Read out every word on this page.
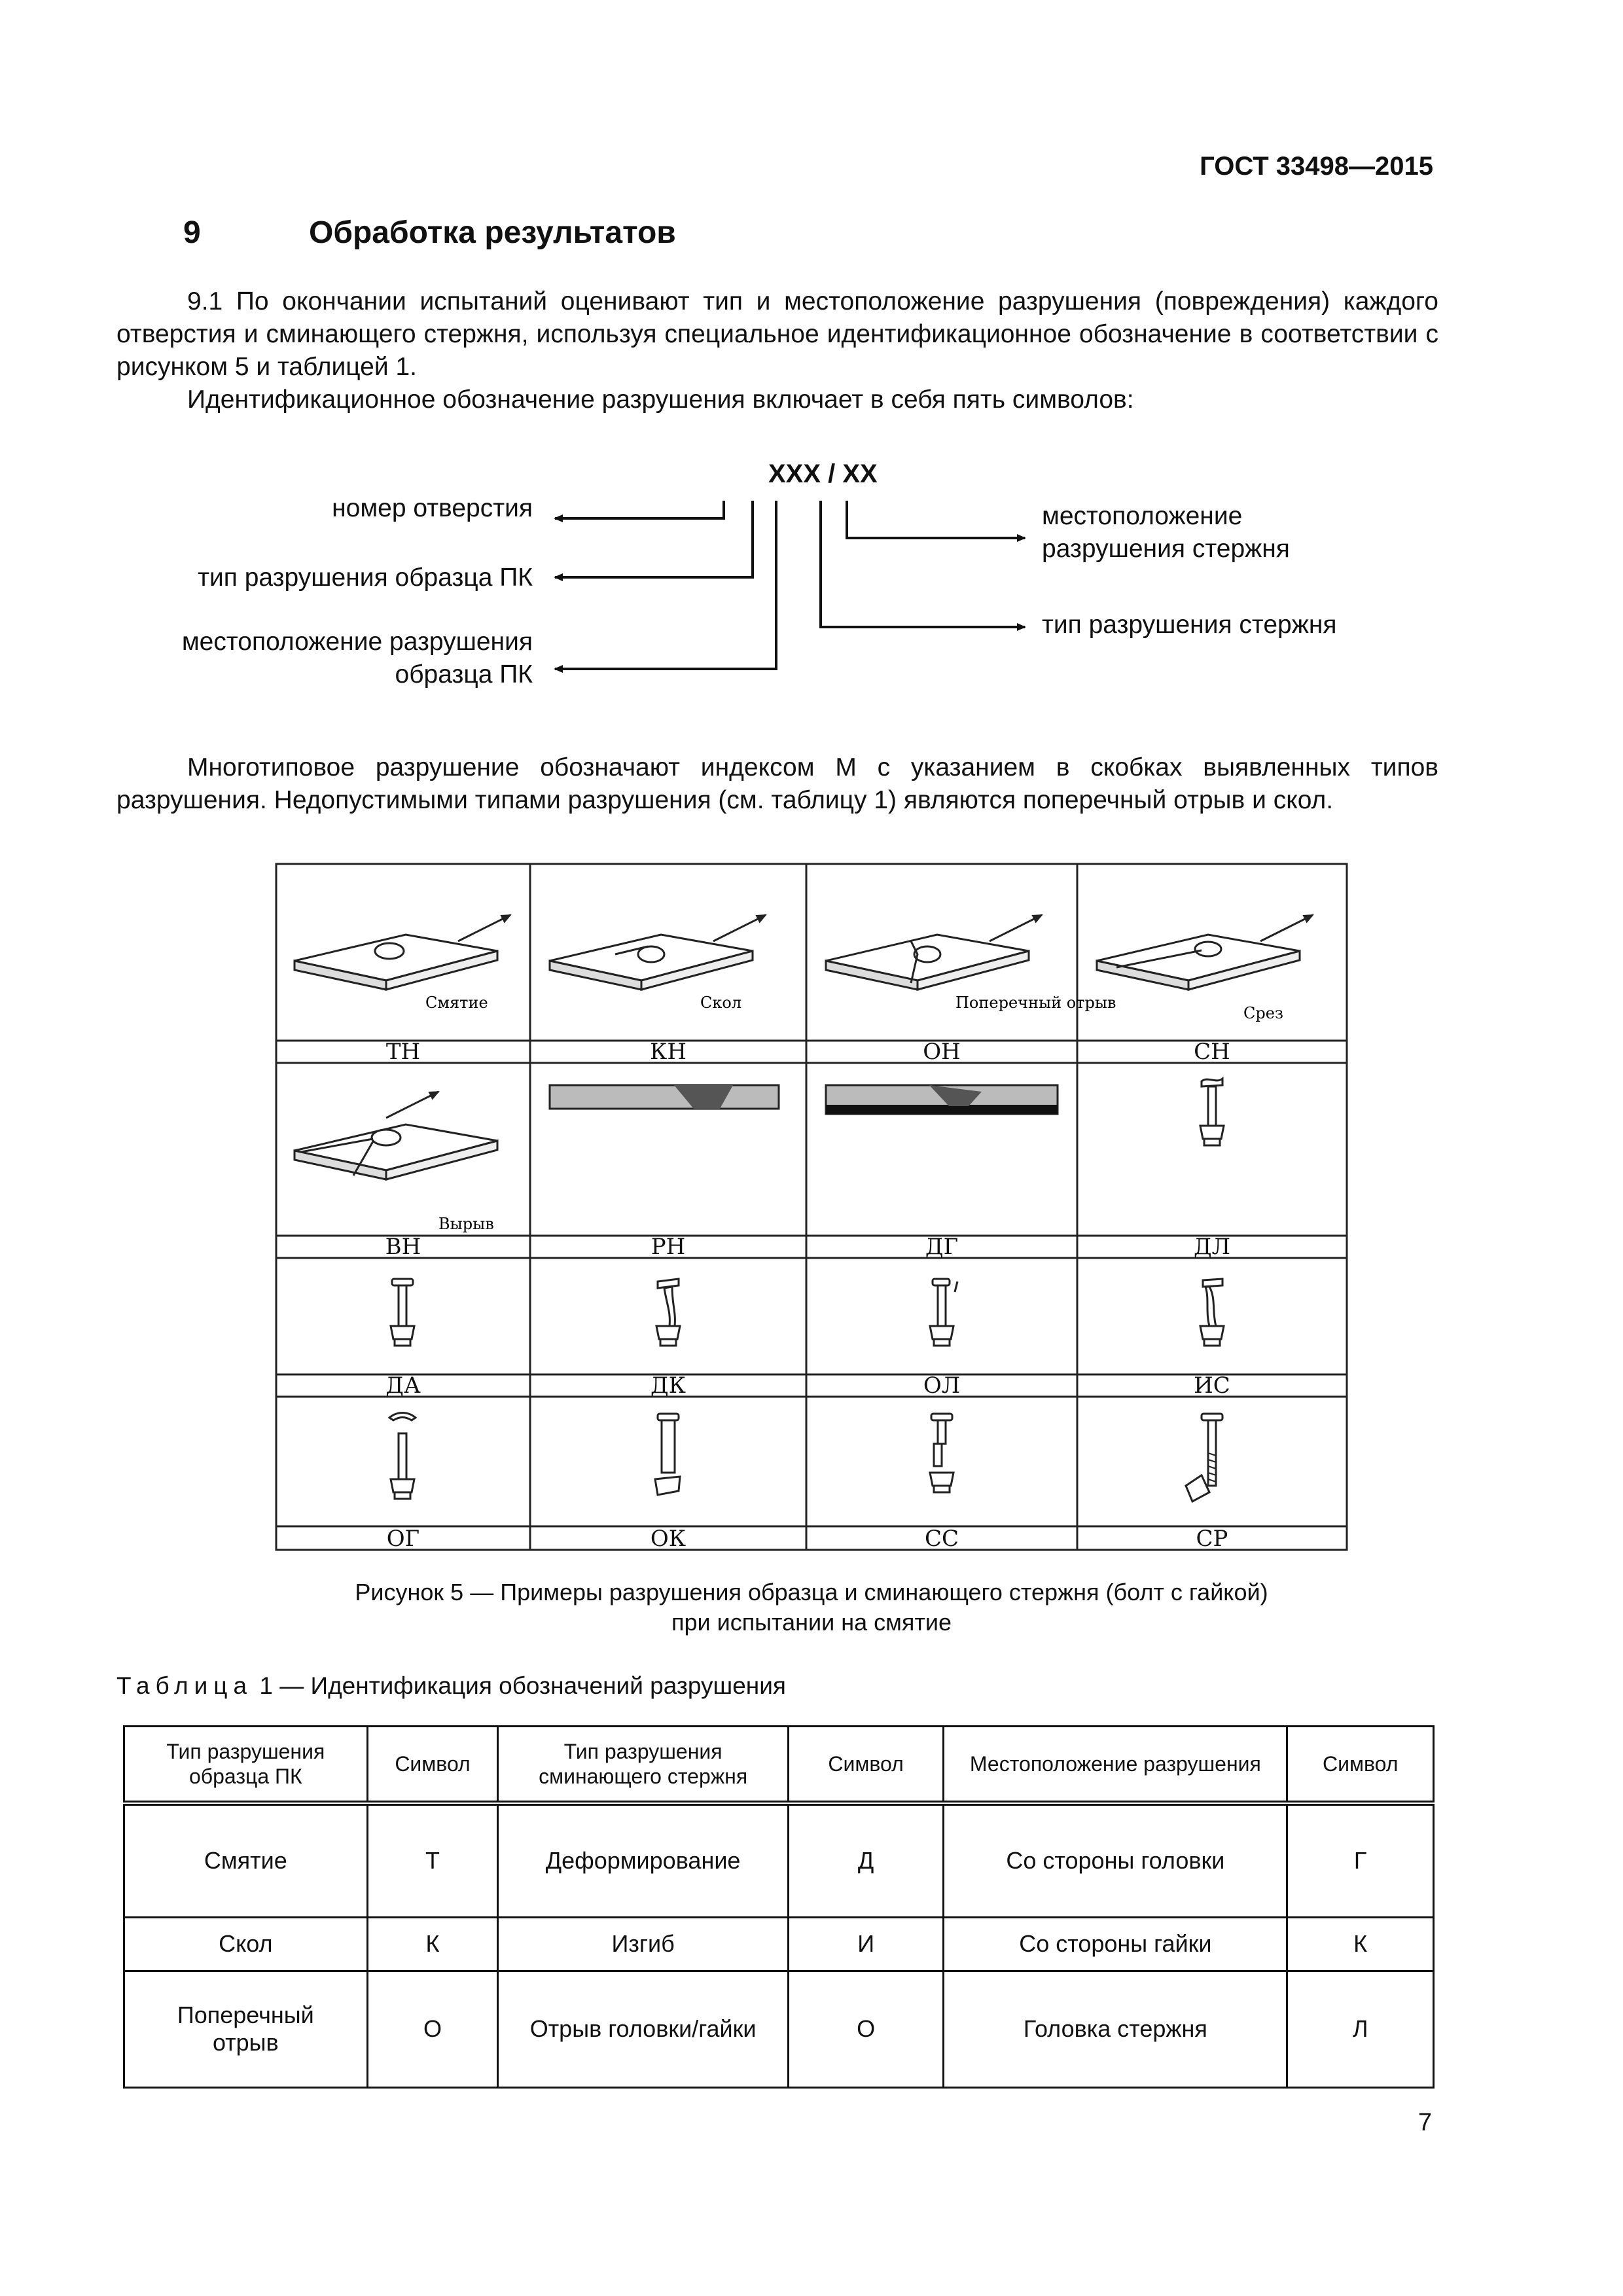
ГОСТ 33498—2015
9	Обработка результатов
9.1 По окончании испытаний оценивают тип и местоположение разрушения (повреждения) каждого отверстия и сминающего стержня, используя специальное идентификационное обозначение в соответствии с рисунком 5 и таблицей 1.
Идентификационное обозначение разрушения включает в себя пять символов:
XXX / XX
номер отверстия
тип разрушения образца ПК
местоположение разрушения
образца ПК
местоположение
разрушения стержня
тип разрушения стержня
Многотиповое разрушение обозначают индексом М с указанием в скобках выявленных типов разрушения. Недопустимыми типами разрушения (см. таблицу 1) являются поперечный отрыв и скол.
Смятие	Скол	Поперечный отрыв
Срез
Вырыв
ТН	КН	ОН	СН
ВН	РН	ДГ	ДЛ
ДА	ДК	ОЛ	ИС
ОГ	ОК	СС	СР
Рисунок 5 — Примеры разрушения образца и сминающего стержня (болт с гайкой)
при испытании на смятие
Таблица 1 — Идентификация обозначений разрушения
Тип разрушения образца ПК	Символ	Тип разрушения сминающего стержня	Символ	Местоположение разрушения	Символ
Смятие	Т	Деформирование	Д	Со стороны головки	Г
Скол	К	Изгиб	И	Со стороны гайки	К
Поперечный отрыв	О	Отрыв головки/гайки	О	Головка стержня	Л
7
